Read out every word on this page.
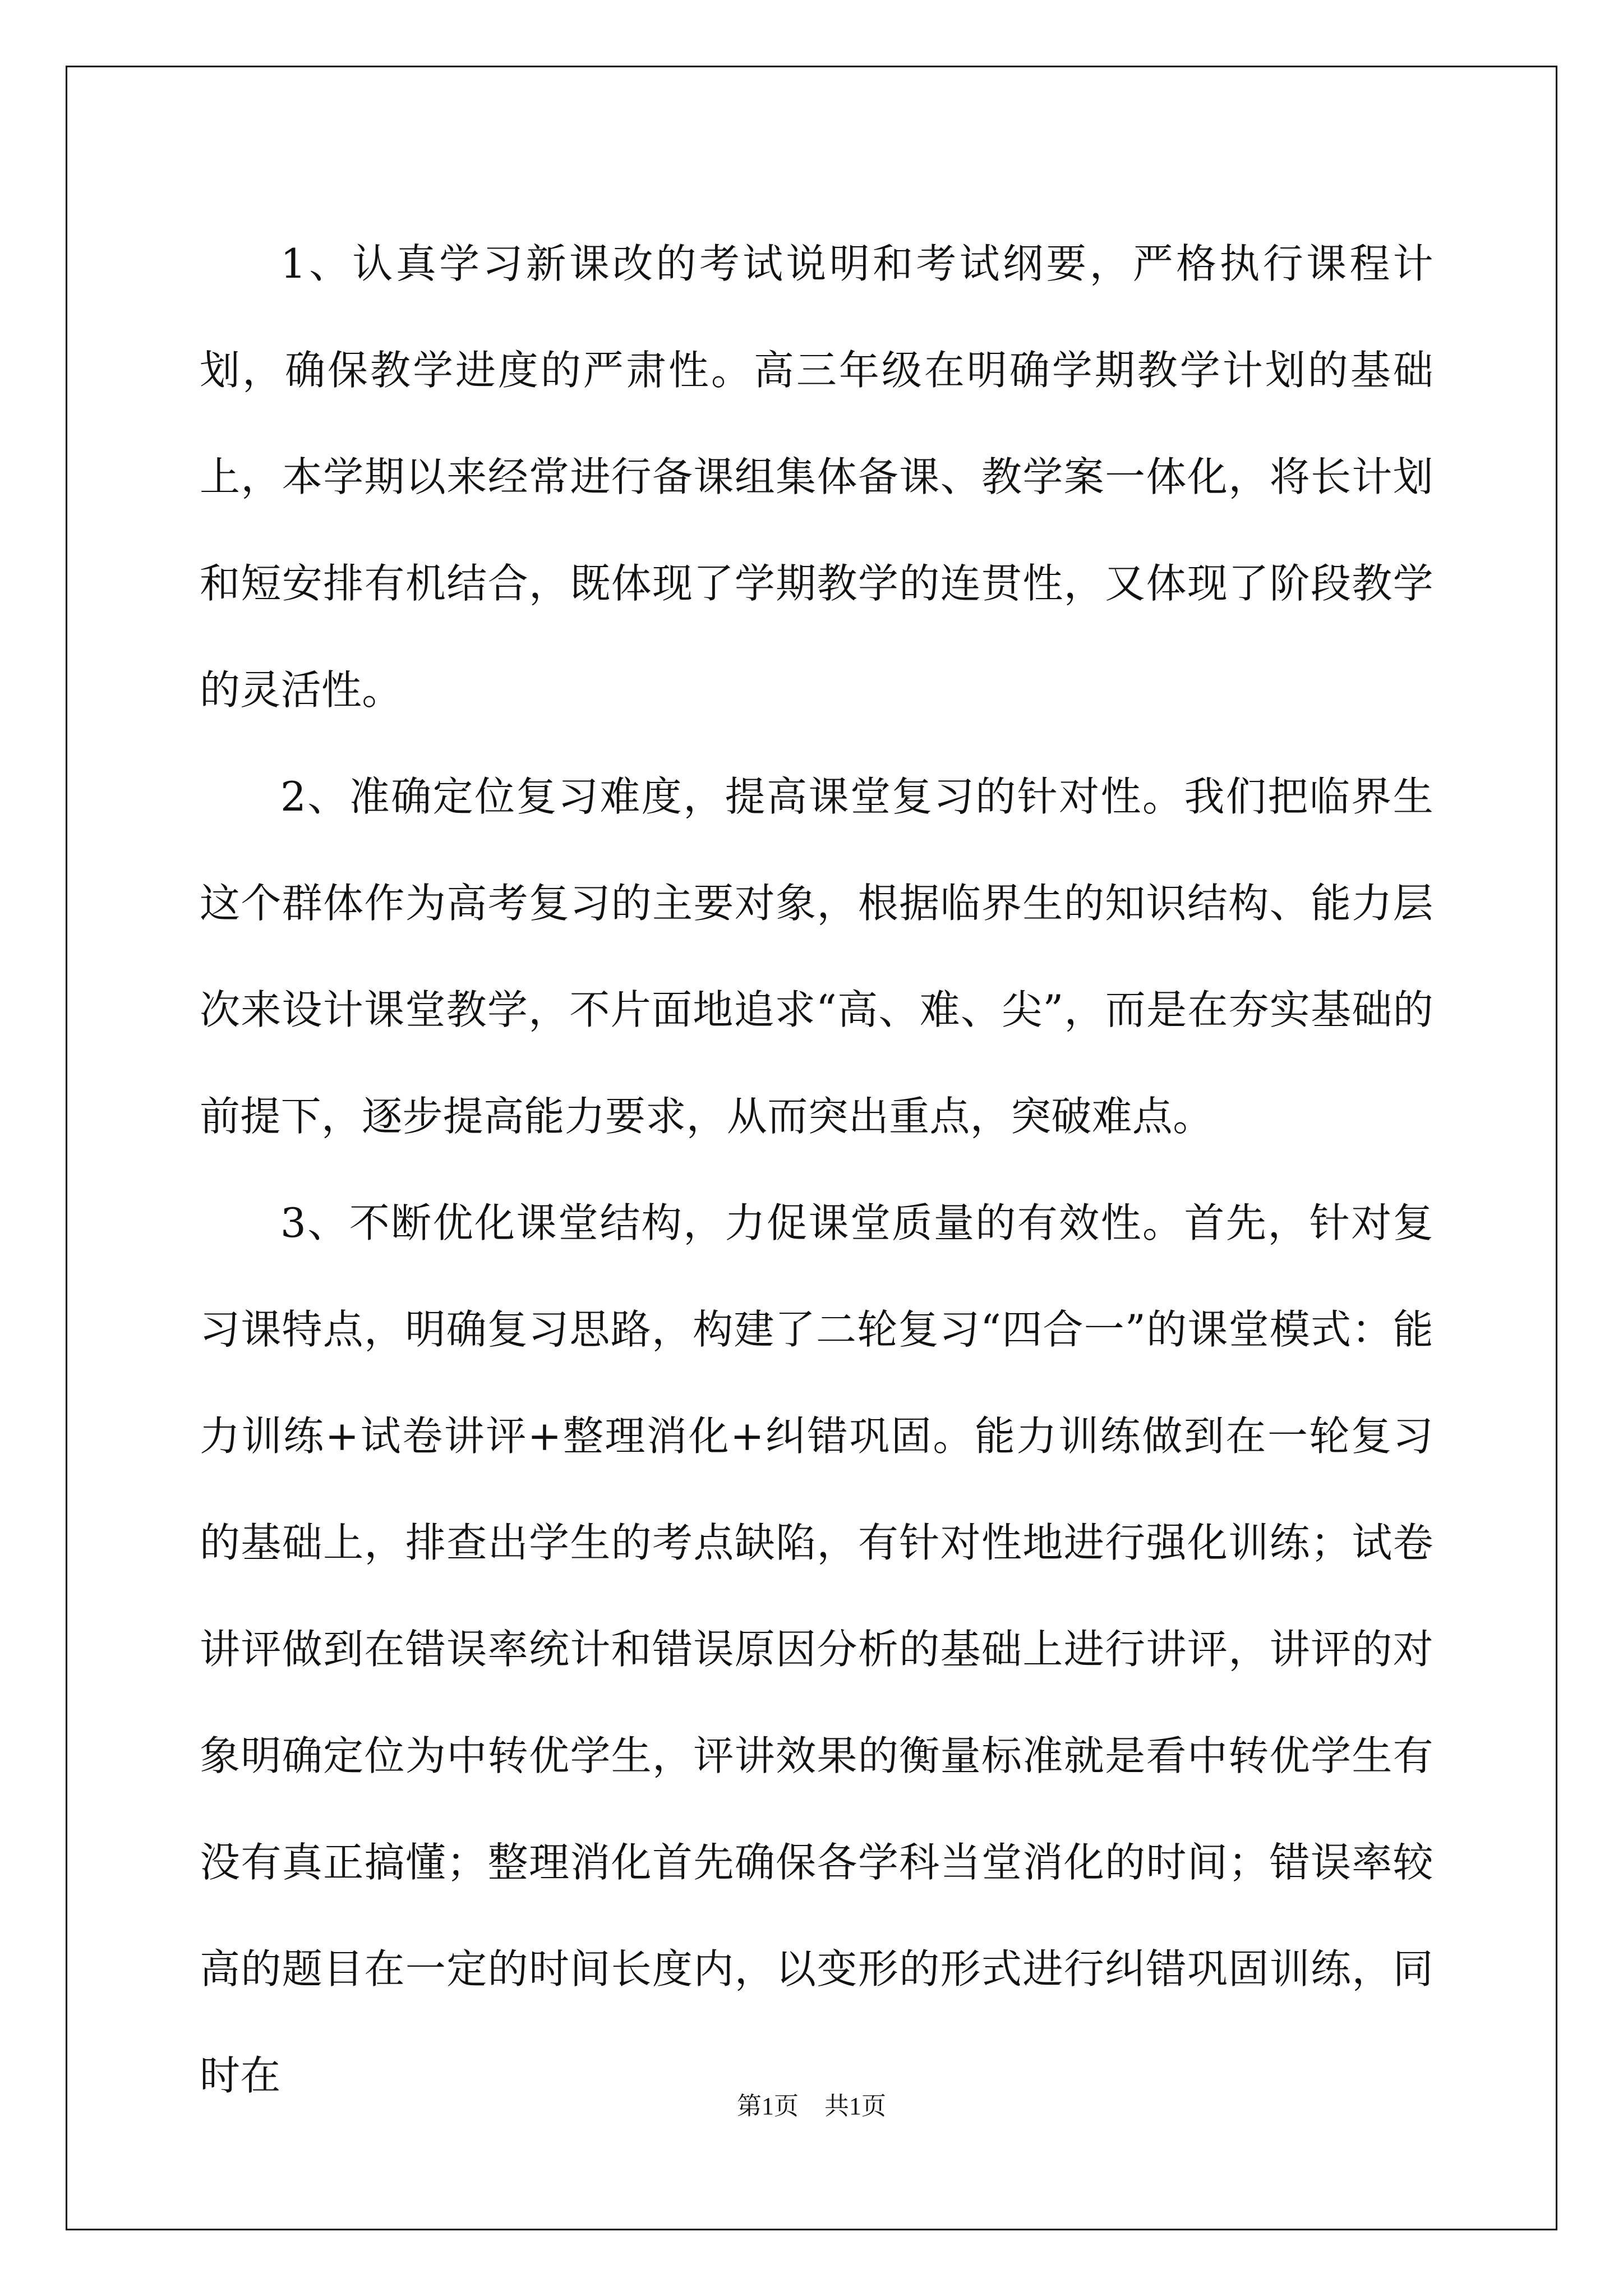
1、认真学习新课改的考试说明和考试纲要，严格执行课程计划，确保教学进度的严肃性。高三年级在明确学期教学计划的基础上，本学期以来经常进行备课组集体备课、教学案一体化，将长计划和短安排有机结合，既体现了学期教学的连贯性，又体现了阶段教学的灵活性。

2、准确定位复习难度，提高课堂复习的针对性。我们把临界生这个群体作为高考复习的主要对象，根据临界生的知识结构、能力层次来设计课堂教学，不片面地追求“高、难、尖”，而是在夯实基础的前提下，逐步提高能力要求，从而突出重点，突破难点。

3、不断优化课堂结构，力促课堂质量的有效性。首先，针对复习课特点，明确复习思路，构建了二轮复习“四合一”的课堂模式：能力训练+试卷讲评+整理消化+纠错巩固。能力训练做到在一轮复习的基础上，排查出学生的考点缺陷，有针对性地进行强化训练；试卷讲评做到在错误率统计和错误原因分析的基础上进行讲评，讲评的对象明确定位为中转优学生，评讲效果的衡量标准就是看中转优学生有没有真正搞懂；整理消化首先确保各学科当堂消化的时间；错误率较高的题目在一定的时间长度内，以变形的形式进行纠错巩固训练，同时在

第1页 共1页
